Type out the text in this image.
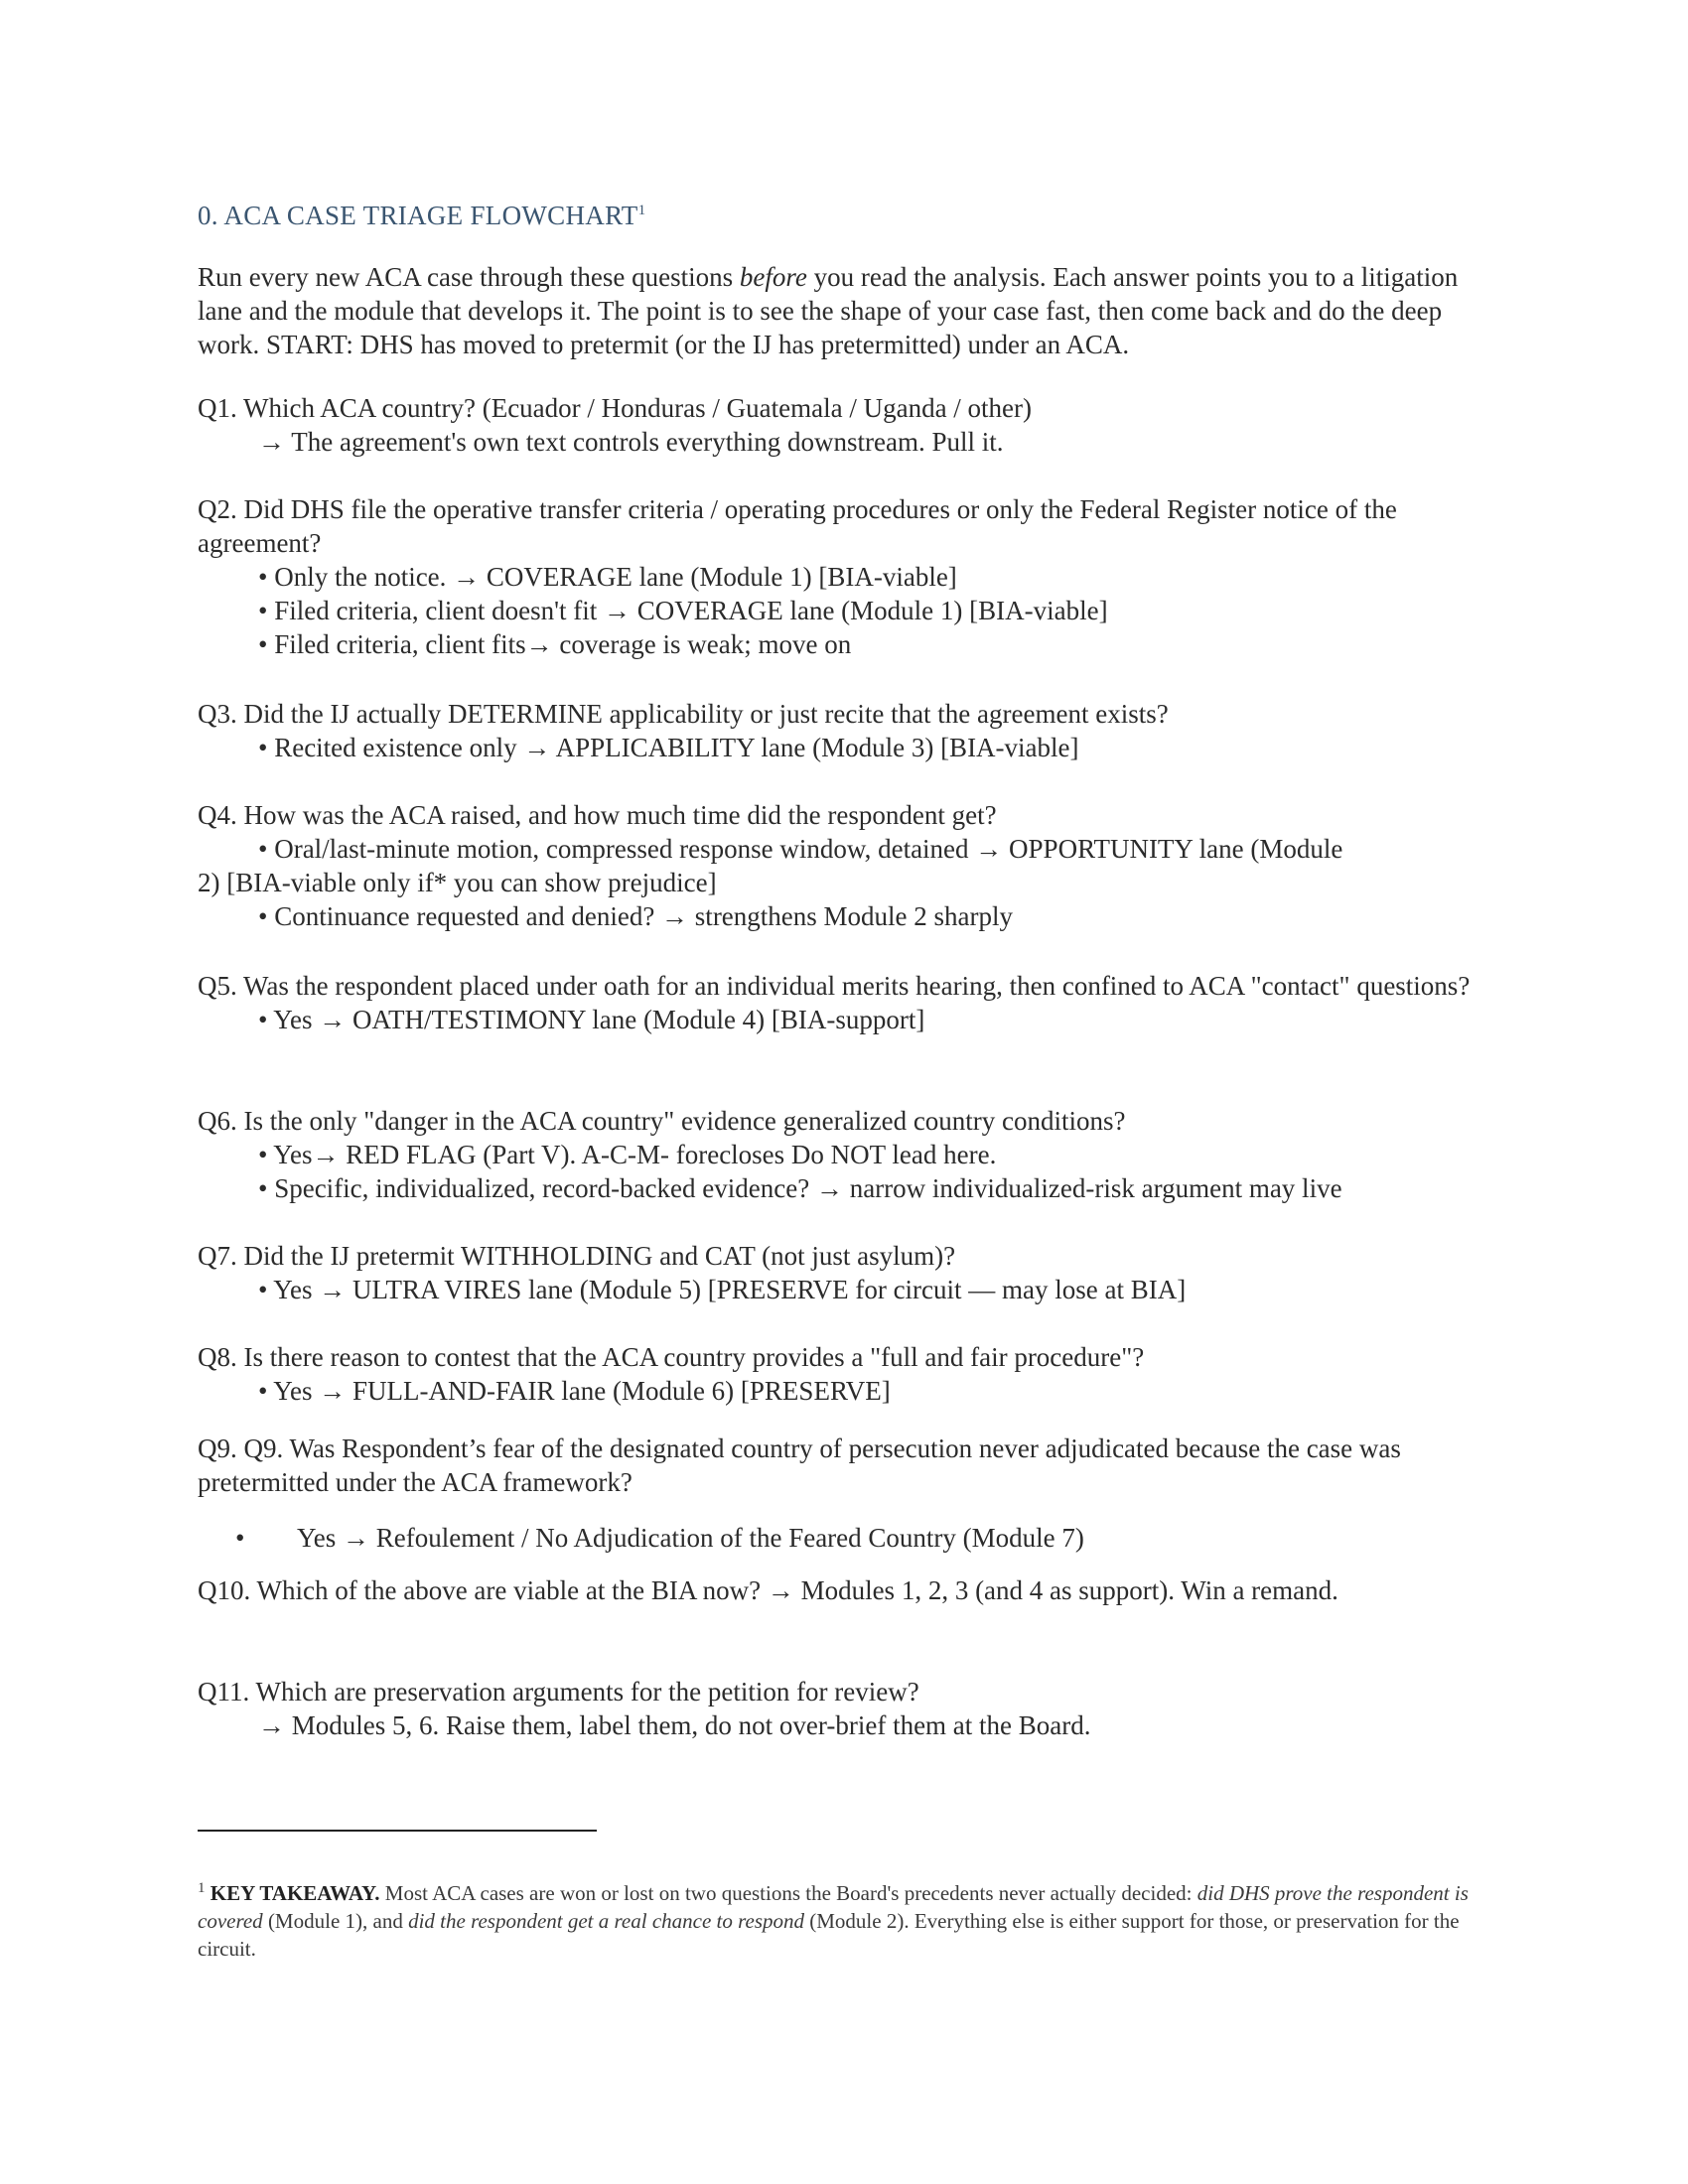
0. ACA CASE TRIAGE FLOWCHART$^1$
Run every new ACA case through these questions before you read the analysis. Each answer points you to a litigation lane and the module that develops it. The point is to see the shape of your case fast, then come back and do the deep work. START: DHS has moved to pretermit (or the IJ has pretermitted) under an ACA.
Q1. Which ACA country? (Ecuador / Honduras / Guatemala / Uganda / other)
→ The agreement's own text controls everything downstream. Pull it.
Q2. Did DHS file the operative transfer criteria / operating procedures or only the Federal Register notice of the agreement?
• Only the notice. → COVERAGE lane (Module 1) [BIA-viable]
• Filed criteria, client doesn't fit → COVERAGE lane (Module 1) [BIA-viable]
• Filed criteria, client fits→ coverage is weak; move on
Q3. Did the IJ actually DETERMINE applicability or just recite that the agreement exists?
• Recited existence only → APPLICABILITY lane (Module 3) [BIA-viable]
Q4. How was the ACA raised, and how much time did the respondent get?
• Oral/last-minute motion, compressed response window, detained → OPPORTUNITY lane (Module
2) [BIA-viable only if* you can show prejudice]
• Continuance requested and denied? → strengthens Module 2 sharply
Q5. Was the respondent placed under oath for an individual merits hearing, then confined to ACA "contact" questions?
• Yes → OATH/TESTIMONY lane (Module 4) [BIA-support]
Q6. Is the only "danger in the ACA country" evidence generalized country conditions?
• Yes→ RED FLAG (Part V). A-C-M- forecloses Do NOT lead here.
• Specific, individualized, record-backed evidence? → narrow individualized-risk argument may live
Q7. Did the IJ pretermit WITHHOLDING and CAT (not just asylum)?
• Yes → ULTRA VIRES lane (Module 5) [PRESERVE for circuit — may lose at BIA]
Q8. Is there reason to contest that the ACA country provides a "full and fair procedure"?
• Yes → FULL-AND-FAIR lane (Module 6) [PRESERVE]
Q9. Q9. Was Respondent’s fear of the designated country of persecution never adjudicated because the case was pretermitted under the ACA framework?
• Yes → Refoulement / No Adjudication of the Feared Country (Module 7)
Q10. Which of the above are viable at the BIA now? → Modules 1, 2, 3 (and 4 as support). Win a remand.
Q11. Which are preservation arguments for the petition for review?
→ Modules 5, 6. Raise them, label them, do not over-brief them at the Board.
$^1$ KEY TAKEAWAY. Most ACA cases are won or lost on two questions the Board's precedents never actually decided: did DHS prove the respondent is covered (Module 1), and did the respondent get a real chance to respond (Module 2). Everything else is either support for those, or preservation for the circuit.
